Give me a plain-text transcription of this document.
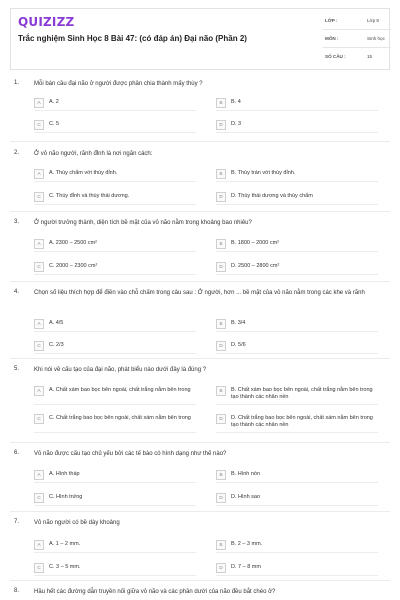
QUIZIZZ
Trắc nghiệm Sinh Học 8 Bài 47: (có đáp án) Đại não (Phần 2)
LỚP :	Lớp 8
MÔN :	Sinh học
SỐ CÂU :	15
1. Mỗi bán cầu đại não ở người được phân chia thành mấy thùy ?
A	A. 2	B	B. 4
C	C. 5	D	D. 3
2. Ở vỏ não người, rãnh đỉnh là nơi ngăn cách:
A	A. Thùy chẩm với thùy đỉnh.	B	B. Thùy trán với thùy đỉnh.
C	C. Thùy đỉnh và thùy thái dương.	D	D. Thùy thái dương và thùy chẩm
3. Ở người trưởng thành, diện tích bề mặt của vỏ não nằm trong khoảng bao nhiêu?
A	A. 2300 – 2500 cm²	B	B. 1800 – 2000 cm²
C	C. 2000 – 2300 cm²	D	D. 2500 – 2800 cm²
4. Chọn số liệu thích hợp để điền vào chỗ chấm trong câu sau : Ở người, hơn ... bề mặt của vỏ não nằm trong các khe và rãnh
A	A. 4/5	B	B. 3/4
C	C. 2/3	D	D. 5/6
5. Khi nói về cấu tạo của đại não, phát biểu nào dưới đây là đúng ?
A	A. Chất xám bao bọc bên ngoài, chất trắng nằm bên trong	B	B. Chất xám bao bọc bên ngoài, chất trắng nằm bên trong tạo thành các nhân nền
C	C. Chất trắng bao bọc bên ngoài, chất xám nằm bên trong	D	D. Chất trắng bao bọc bên ngoài, chất xám nằm bên trong tạo thành các nhân nền
6. Vỏ não được cấu tạo chủ yếu bởi các tế bào có hình dạng như thế nào?
A	A. Hình tháp	B	B. Hình nón
C	C. Hình trứng	D	D. Hình sao
7. Vỏ não người có bề dày khoảng
A	A. 1 – 2 mm.	B	B. 2 – 3 mm.
C	C. 3 – 5 mm.	D	D. 7 – 8 mm
8. Hầu hết các đường dẫn truyền nối giữa vỏ não và các phần dưới của não đều bắt chéo ở?
